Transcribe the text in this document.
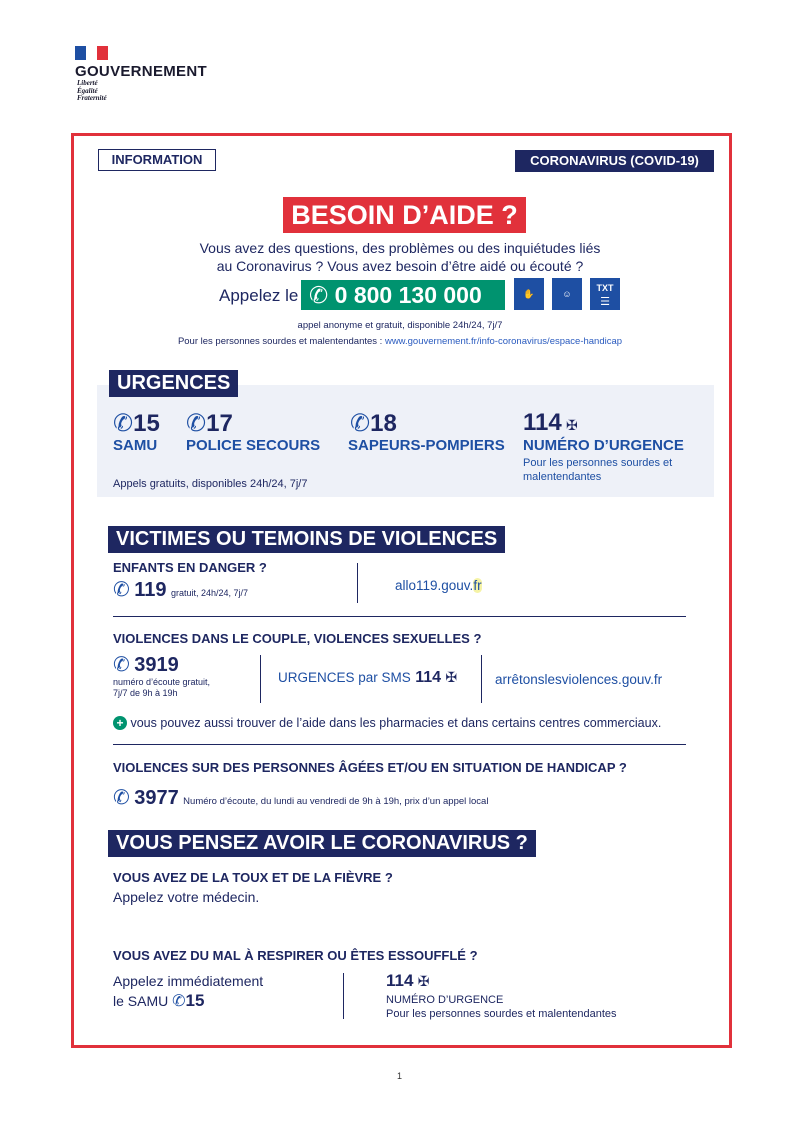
GOUVERNEMENT
Liberté
Égalité
Fraternité
INFORMATION	CORONAVIRUS (COVID-19)
BESOIN D’AIDE ?
Vous avez des questions, des problèmes ou des inquiétudes liés
au Coronavirus ? Vous avez besoin d’être aidé ou écouté ?
Appelez le ✆ 0 800 130 000	✋	☺
TXT
☰
appel anonyme et gratuit, disponible 24h/24, 7j/7
Pour les personnes sourdes et malentendantes : www.gouvernement.fr/info-coronavirus/espace-handicap
URGENCES
✆15
SAMU
✆17
POLICE SECOURS
✆18
SAPEURS-POMPIERS
114 ✠
NUMÉRO D’URGENCE
Pour les personnes sourdes et malentendantes
Appels gratuits, disponibles 24h/24, 7j/7
VICTIMES OU TEMOINS DE VIOLENCES
ENFANTS EN DANGER ?
✆ 119 gratuit, 24h/24, 7j/7	allo119.gouv.fr
VIOLENCES DANS LE COUPLE, VIOLENCES SEXUELLES ?
✆ 3919
numéro d’écoute gratuit,
7j/7 de 9h à 19h
URGENCES par SMS 114 ✠	arrêtonslesviolences.gouv.fr
+ vous pouvez aussi trouver de l’aide dans les pharmacies et dans certains centres commerciaux.
VIOLENCES SUR DES PERSONNES ÂGÉES ET/OU EN SITUATION DE HANDICAP ?
✆ 3977 Numéro d’écoute, du lundi au vendredi de 9h à 19h, prix d’un appel local
VOUS PENSEZ AVOIR LE CORONAVIRUS ?
VOUS AVEZ DE LA TOUX ET DE LA FIÈVRE ?
Appelez votre médecin.
VOUS AVEZ DU MAL À RESPIRER OU ÊTES ESSOUFFLÉ ?
Appelez immédiatement
le SAMU ✆15
114 ✠
NUMÉRO D’URGENCE
Pour les personnes sourdes et malentendantes
1
